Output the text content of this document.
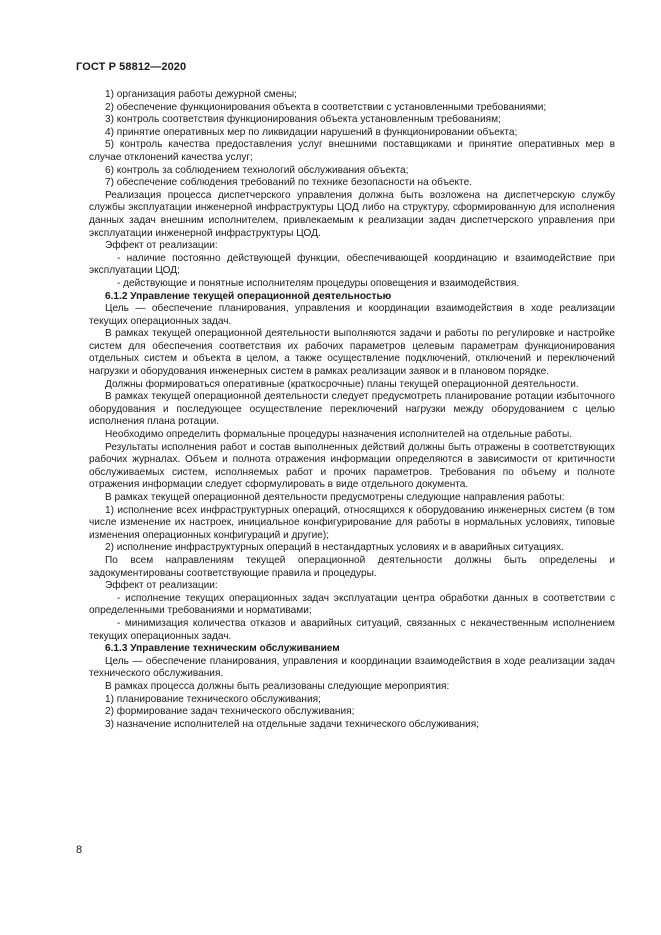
ГОСТ Р 58812—2020

1) организация работы дежурной смены;

2) обеспечение функционирования объекта в соответствии с установленными требованиями;

3) контроль соответствия функционирования объекта установленным требованиям;

4) принятие оперативных мер по ликвидации нарушений в функционировании объекта;

5) контроль качества предоставления услуг внешними поставщиками и принятие оперативных мер в случае отклонений качества услуг;

6) контроль за соблюдением технологий обслуживания объекта;

7) обеспечение соблюдения требований по технике безопасности на объекте.

Реализация процесса диспетчерского управления должна быть возложена на диспетчерскую службу службы эксплуатации инженерной инфраструктуры ЦОД либо на структуру, сформированную для исполнения данных задач внешним исполнителем, привлекаемым к реализации задач диспетчерского управления при эксплуатации инженерной инфраструктуры ЦОД.

Эффект от реализации:

- наличие постоянно действующей функции, обеспечивающей координацию и взаимодействие при эксплуатации ЦОД;

- действующие и понятные исполнителям процедуры оповещения и взаимодействия.

6.1.2 Управление текущей операционной деятельностью

Цель — обеспечение планирования, управления и координации взаимодействия в ходе реализации текущих операционных задач.

В рамках текущей операционной деятельности выполняются задачи и работы по регулировке и настройке систем для обеспечения соответствия их рабочих параметров целевым параметрам функционирования отдельных систем и объекта в целом, а также осуществление подключений, отключений и переключений нагрузки и оборудования инженерных систем в рамках реализации заявок и в плановом порядке.

Должны формироваться оперативные (краткосрочные) планы текущей операционной деятельности.

В рамках текущей операционной деятельности следует предусмотреть планирование ротации избыточного оборудования и последующее осуществление переключений нагрузки между оборудованием с целью исполнения плана ротации.

Необходимо определить формальные процедуры назначения исполнителей на отдельные работы.

Результаты исполнения работ и состав выполненных действий должны быть отражены в соответствующих рабочих журналах. Объем и полнота отражения информации определяются в зависимости от критичности обслуживаемых систем, исполняемых работ и прочих параметров. Требования по объему и полноте отражения информации следует сформулировать в виде отдельного документа.

В рамках текущей операционной деятельности предусмотрены следующие направления работы:

1) исполнение всех инфраструктурных операций, относящихся к оборудованию инженерных систем (в том числе изменение их настроек, инициальное конфигурирование для работы в нормальных условиях, типовые изменения операционных конфигураций и другие);

2) исполнение инфраструктурных операций в нестандартных условиях и в аварийных ситуациях.

По всем направлениям текущей операционной деятельности должны быть определены и задокументированы соответствующие правила и процедуры.

Эффект от реализации:

- исполнение текущих операционных задач эксплуатации центра обработки данных в соответствии с определенными требованиями и нормативами;

- минимизация количества отказов и аварийных ситуаций, связанных с некачественным исполнением текущих операционных задач.

6.1.3 Управление техническим обслуживанием

Цель — обеспечение планирования, управления и координации взаимодействия в ходе реализации задач технического обслуживания.

В рамках процесса должны быть реализованы следующие мероприятия:

1) планирование технического обслуживания;

2) формирование задач технического обслуживания;

3) назначение исполнителей на отдельные задачи технического обслуживания;

8
